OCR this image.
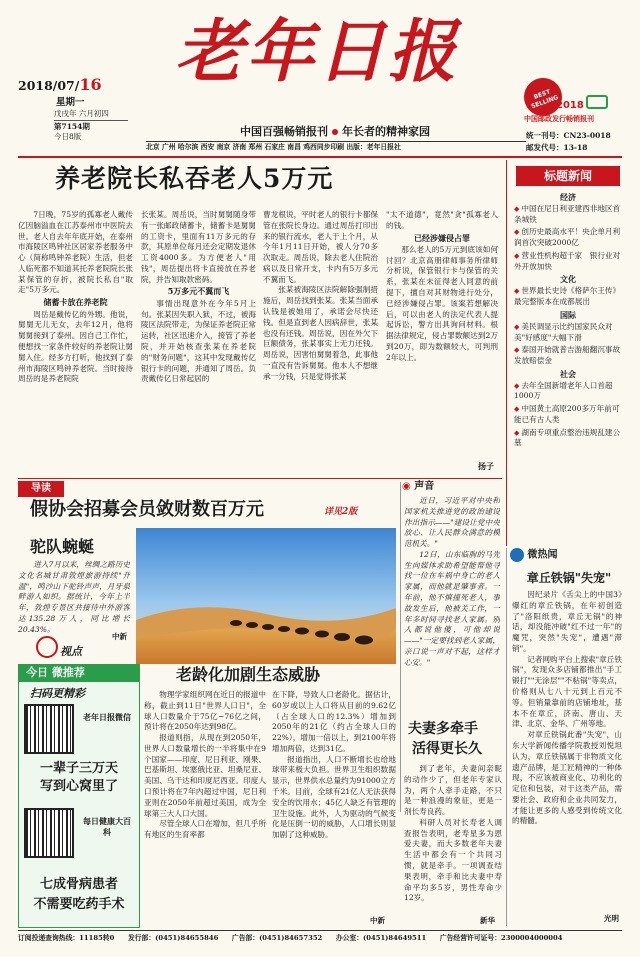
2018/07/16
星期一
戊戌年 六月初四
第7154期
今日8版
老年日报
中国百强畅销报刊 年长者的精神家园
北京 广州 哈尔滨 西安 南京 济南 郑州 石家庄 南昌 鸡西同步印刷 出版：老年日报社
BEST SELLING
2018
中国邮政发行畅销报刊
统一刊号：CN23-0018
邮发代号：13-18
养老院长私吞老人5万元

7日晚，75岁的孤寡老人戴传亿因脑溢血在江苏泰州市中医院去世。老人自去年年底开始，在泰州市海陵区鸣钟社区居家养老服务中心（简称鸣钟养老院）生活，但老人临死都不知道其托养老院院长张某保管的存折，被院长私自"取走"5万多元。

储蓄卡放在养老院

周岳是戴传亿的外甥。他说，舅舅无儿无女，去年12月，他将舅舅接到了泰州。因自己工作忙，便想找一家条件较好的养老院让舅舅入住。经多方打听，他找到了泰州市海陵区鸣钟养老院。当时接待周岳的是养老院院

长张某。周岳说，当时舅舅随身带有一张邮政储蓄卡，储蓄卡是舅舅的工资卡，里面有11万多元的存款，其原单位每月还会定期发退休工资4000多。为方便老人"用钱"，周岳提出将卡直接放在养老院，并告知取款密码。

5万多元不翼而飞

事情出现意外在今年5月上旬。张某因失职入狱，不过，被海陵区法院带走，为保证养老院正常运转，社区迅速介入，接管了养老院，并开始核查张某在养老院的"财务问题"，这其中发现戴传亿银行卡的问题，并通知了周岳。负责戴传亿日常起居的

曹龙根说，平时老人的银行卡都保管在张院长身边。通过周岳打印出来的银行流水，老人于上个月，从今年1月11日开始，被人分70多次取走。周岳说，除去老人住院治病以及日常开支，卡内有5万多元不翼而飞。

张某被海陵区法院解除强制措施后，周岳找到张某。张某当面承认钱是被她用了，承诺会尽快还钱。但是直到老人因病辞世，张某也没有还钱。周岳说，因在外欠下巨额债务，张某事实上无力还钱。周岳说，因害怕舅舅着急，此事他一直没有告诉舅舅。他本人不想继承一分钱，只是觉得张某

"太不道德"，竟然"贪"孤寡老人的钱。

已经涉嫌侵占罪

那么老人的5万元到底该如何讨回？北京高朋律师事务所律师分析说，保管银行卡与保管的关系，张某在未征得老人同意的前提下，擅自对其财物进行处分，已经涉嫌侵占罪。该案若想解决后，可以由老人的法定代表人提起诉讼，警方出具询问材料。根据法律规定，侵占罪数额达到2万到20万，即为数额较大，可判刑2年以上。

扬子
标题新闻
经济
◆ 中国在尼日利亚建西非地区首条城铁
◆ 创历史最高水平！央企单月利润首次突破2000亿
◆ 营业性机构超千家　银行业对外开放加快
文化
◆ 世界最长史诗《格萨尔王传》最完整版本在成都展出
国际
◆ 美民调显示比约国家民众对美"好感度"大幅下滑
◆ 泰国开始就普吉游船翻沉事故发放赔偿金
社会
◆ 去年全国新增老年人口首超1000万
◆ 中国黄土高原200多万年前可能已有古人类
◆ 湖南专项重点整治违规乱建公墓
导读
假协会招募会员敛财数百万元	详见2版
驼队蜿蜒

进入7月以来，丝绸之路历史文化名城甘肃敦煌旅游持续"升温"，鸣沙山下驼铃声声，月牙泉畔游人如织。据统计，今年上半年，敦煌专景区共接待中外游客达135.28万人，同比增长20.43%。

中新
视点
◉ 声音

近日，习近平对中央和国家机关推进党的政治建设作出指示——"建设让党中央放心、让人民群众满意的模范机关。"

12日，山东临朐的马先生向媒体求助希望能帮他寻找一位在车祸中身亡的老人家属，而他就是肇事者。一年前，他不慎撞死老人，事故发生后，他被关工作，一年多时间寻找老人家属。别人都说他傻，可他却说——"一定要找到老人家属，亲口说一声对不起，这样才心安。"

微热闻
章丘铁锅"失宠"

因纪录片《舌尖上的中国3》爆红的章丘铁锅，在年初创造了"洛阳纸贵，章丘无锅"的神话，却没能冲破"红不过一年"的魔咒，突然"失宠"，遭遇"滞销"。

记者网购平台上搜索"章丘铁锅"，发现众多店铺都推出"手工锻打""无涂层""不粘锅"等卖点，价格则从七八十元到上百元不等。但销量靠前的店铺地址，基本不在章丘，济南、唐山、天津、北京、金华、广州等地。

对章丘铁锅此番"失宠"，山东大学新闻传播学院教授刘悦坦认为，章丘铁锅属于非物质文化遗产品牌，是工匠精神的一种体现，不应该被商业化、功利化的定位和包装，对于这类产品，需要社会、政府和企业共同发力，才能让更多的人感受到传统文化的精髓。

光明
今日 微推荐
扫码更精彩
老年日报微信
一辈子三万天
写到心窝里了
每日健康大百科
七成骨病患者
不需要吃药手术
老龄化加剧生态威胁

物理学家组织网在近日的报道中称，截止到11日"世界人口日"，全球人口数量介于75亿~76亿之间，预计将在2050年达到98亿。

报道则指，从现在到2050年，世界人口数量增长的一半将集中在9个国家——印度、尼日利亚、刚果、巴基斯坦、埃塞俄比亚、坦桑尼亚、美国、乌干达和印度尼西亚。印度人口预计将在7年内超过中国，尼日利亚则在2050年前超过美国，成为全球第三大人口大国。

尽管全球人口在增加，但几乎所有地区的生育率都

在下降，导致人口老龄化。据估计，60岁或以上人口将从目前的9.62亿（占全球人口的12.3%）增加到2050年的21亿（约占全球人口的22%），增加一倍以上，到2100年将增加两倍，达到31亿。

报道指出，人口不断增长也给地球带来极大负担。世界卫生组织数据显示，世界供水总量约为91000立方千米。目前，全球有21亿人无法获得安全的饮用水；45亿人缺乏有管理的卫生设施。此外，人为驱动的气候变化是压倒一切的威胁，人口增长则显加剧了这种威胁。

中新
夫妻多牵手
活得更长久

到了老年，夫妻间亲昵的动作少了，但老年专家认为，两个人牵手走路，不只是一种浪漫的象征，更是一剂长寿良药。

科研人员对长寿老人调查报告表明，老寿星多为恩爱夫妻，而大多数老年夫妻生活中都会有一个共同习惯，就是牵手。一项调查结果表明，牵手和比夫妻中寿命平均多5岁，男性寿命少12岁。

新华
订阅投递查询热线：11185转0　　发行部：(0451)84655846　　广告部：(0451)84657352　　办公室：(0451)84649511　　广告经营许可证号：2300004000004
